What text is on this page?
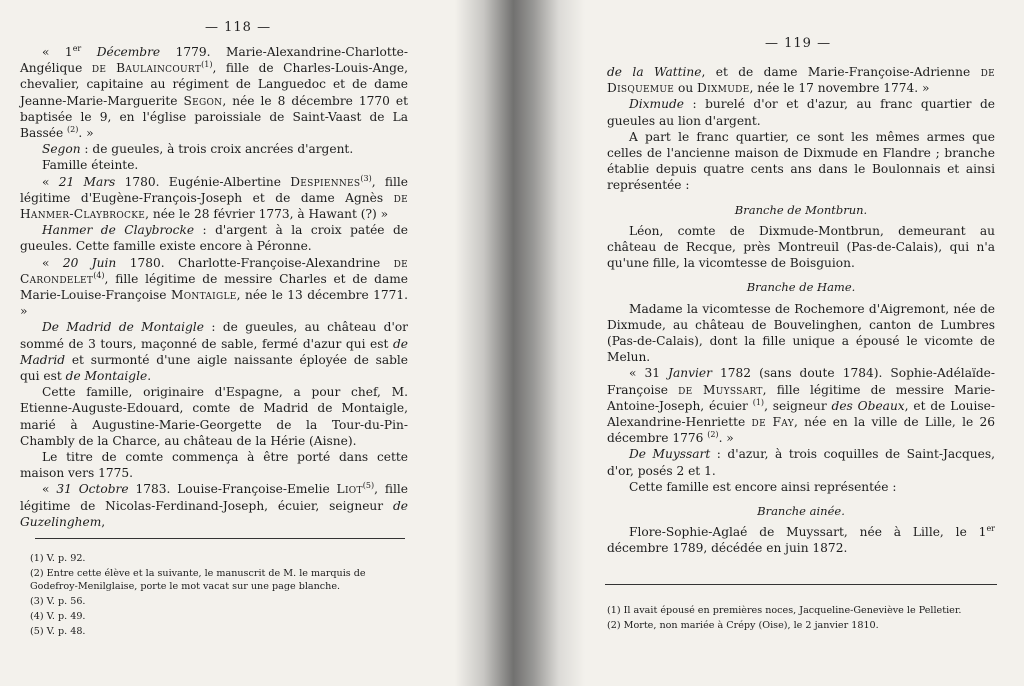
— 118 —

« 1er Décembre 1779. Marie-Alexandrine-Charlotte-Angélique de Baulaincourt$^{(1)}$, fille de Charles-Louis-Ange, chevalier, capitaine au régiment de Languedoc et de dame Jeanne-Marie-Marguerite Segon, née le 8 décembre 1770 et baptisée le 9, en l'église paroissiale de Saint-Vaast de La Bassée $^{(2)}$. »

Segon : de gueules, à trois croix ancrées d'argent.

Famille éteinte.

« 21 Mars 1780. Eugénie-Albertine Despiennes$^{(3)}$, fille légitime d'Eugène-François-Joseph et de dame Agnès de Hanmer-Claybrocke, née le 28 février 1773, à Hawant (?) »

Hanmer de Claybrocke : d'argent à la croix patée de gueules. Cette famille existe encore à Péronne.

« 20 Juin 1780. Charlotte-Françoise-Alexandrine de Carondelet$^{(4)}$, fille légitime de messire Charles et de dame Marie-Louise-Françoise Montaigle, née le 13 décembre 1771. »

De Madrid de Montaigle : de gueules, au château d'or sommé de 3 tours, maçonné de sable, fermé d'azur qui est de Madrid et surmonté d'une aigle naissante éployée de sable qui est de Montaigle.

Cette famille, originaire d'Espagne, a pour chef, M. Etienne-Auguste-Edouard, comte de Madrid de Montaigle, marié à Augustine-Marie-Georgette de la Tour-du-Pin-Chambly de la Charce, au château de la Hérie (Aisne).

Le titre de comte commença à être porté dans cette maison vers 1775.

« 31 Octobre 1783. Louise-Françoise-Emelie Liot$^{(5)}$, fille légitime de Nicolas-Ferdinand-Joseph, écuier, seigneur de Guzelinghem,

(1) V. p. 92.

(2) Entre cette élève et la suivante, le manuscrit de M. le marquis de Godefroy-Menilglaise, porte le mot vacat sur une page blanche.

(3) V. p. 56.

(4) V. p. 49.

(5) V. p. 48.

— 119 —

de la Wattine, et de dame Marie-Françoise-Adrienne de Disquemue ou Dixmude, née le 17 novembre 1774. »

Dixmude : burelé d'or et d'azur, au franc quartier de gueules au lion d'argent.

A part le franc quartier, ce sont les mêmes armes que celles de l'ancienne maison de Dixmude en Flandre ; branche établie depuis quatre cents ans dans le Boulonnais et ainsi représentée :

Branche de Montbrun.

Léon, comte de Dixmude-Montbrun, demeurant au château de Recque, près Montreuil (Pas-de-Calais), qui n'a qu'une fille, la vicomtesse de Boisguion.

Branche de Hame.

Madame la vicomtesse de Rochemore d'Aigremont, née de Dixmude, au château de Bouvelinghen, canton de Lumbres (Pas-de-Calais), dont la fille unique a épousé le vicomte de Melun.

« 31 Janvier 1782 (sans doute 1784). Sophie-Adélaïde-Françoise de Muyssart, fille légitime de messire Marie-Antoine-Joseph, écuier $^{(1)}$, seigneur des Obeaux, et de Louise-Alexandrine-Henriette de Fay, née en la ville de Lille, le 26 décembre 1776 $^{(2)}$. »

De Muyssart : d'azur, à trois coquilles de Saint-Jacques, d'or, posés 2 et 1.

Cette famille est encore ainsi représentée :

Branche ainée.

Flore-Sophie-Aglaé de Muyssart, née à Lille, le 1er décembre 1789, décédée en juin 1872.

(1) Il avait épousé en premières noces, Jacqueline-Geneviève le Pelletier.

(2) Morte, non mariée à Crépy (Oise), le 2 janvier 1810.
